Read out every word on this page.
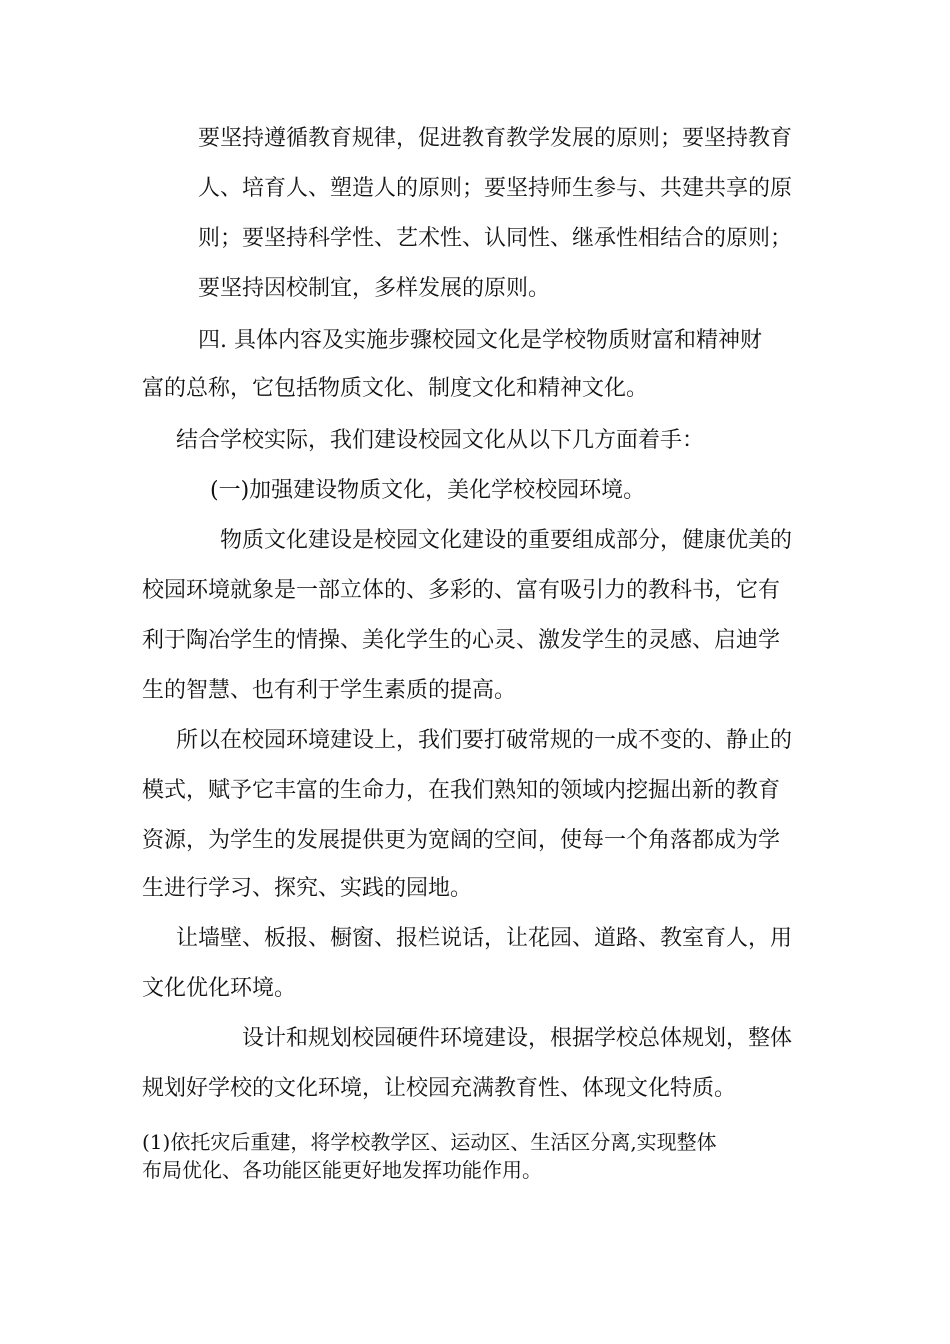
要坚持遵循教育规律，促进教育教学发展的原则；要坚持教育

人、培育人、塑造人的原则；要坚持师生参与、共建共享的原

则；要坚持科学性、艺术性、认同性、继承性相结合的原则；

要坚持因校制宜，多样发展的原则。

四. 具体内容及实施步骤校园文化是学校物质财富和精神财

富的总称，它包括物质文化、制度文化和精神文化。

结合学校实际，我们建设校园文化从以下几方面着手：

(一)加强建设物质文化，美化学校校园环境。

物质文化建设是校园文化建设的重要组成部分，健康优美的

校园环境就象是一部立体的、多彩的、富有吸引力的教科书，它有

利于陶冶学生的情操、美化学生的心灵、激发学生的灵感、启迪学

生的智慧、也有利于学生素质的提高。

所以在校园环境建设上，我们要打破常规的一成不变的、静止的

模式，赋予它丰富的生命力，在我们熟知的领域内挖掘出新的教育

资源，为学生的发展提供更为宽阔的空间，使每一个角落都成为学

生进行学习、探究、实践的园地。

让墙壁、板报、橱窗、报栏说话，让花园、道路、教室育人，用

文化优化环境。

设计和规划校园硬件环境建设，根据学校总体规划，整体

规划好学校的文化环境，让校园充满教育性、体现文化特质。

(1)依托灾后重建，将学校教学区、运动区、生活区分离,实现整体

布局优化、各功能区能更好地发挥功能作用。
